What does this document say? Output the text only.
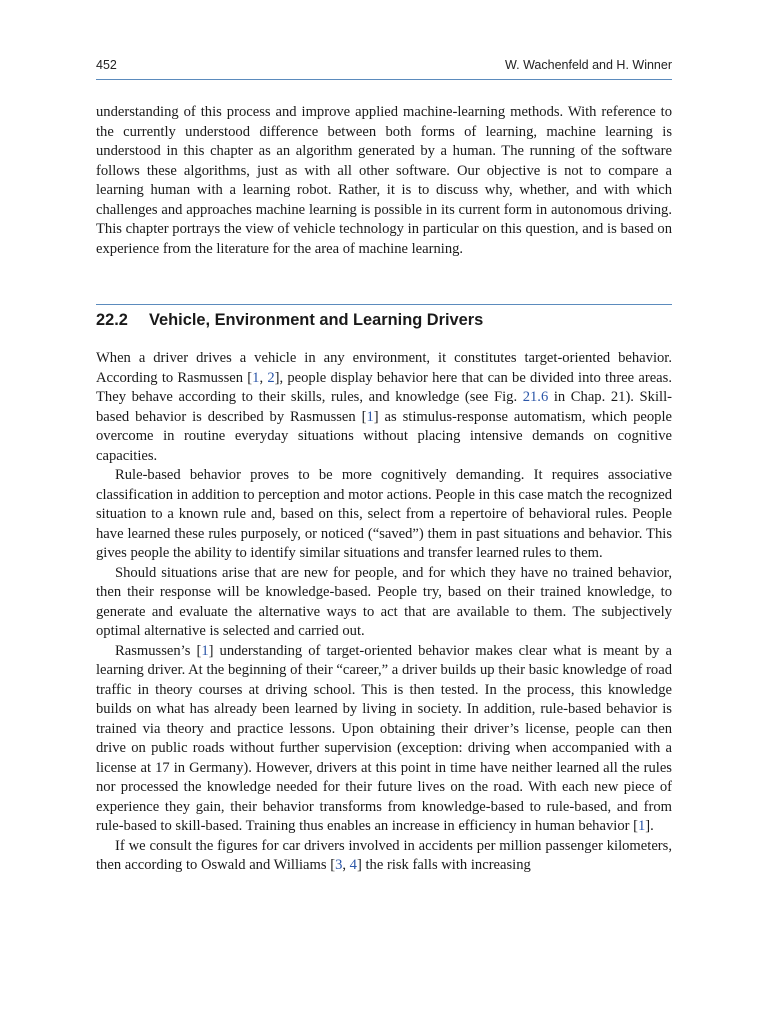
452	W. Wachenfeld and H. Winner

understanding of this process and improve applied machine-learning methods. With reference to the currently understood difference between both forms of learning, machine learning is understood in this chapter as an algorithm generated by a human. The running of the software follows these algorithms, just as with all other software. Our objective is not to compare a learning human with a learning robot. Rather, it is to discuss why, whether, and with which challenges and approaches machine learning is possible in its current form in autonomous driving. This chapter portrays the view of vehicle technology in particular on this question, and is based on experience from the literature for the area of machine learning.

22.2 Vehicle, Environment and Learning Drivers

When a driver drives a vehicle in any environment, it constitutes target-oriented behavior. According to Rasmussen [1, 2], people display behavior here that can be divided into three areas. They behave according to their skills, rules, and knowledge (see Fig. 21.6 in Chap. 21). Skill-based behavior is described by Rasmussen [1] as stimulus-response automatism, which people overcome in routine everyday situations without placing intensive demands on cognitive capacities.

Rule-based behavior proves to be more cognitively demanding. It requires associative classification in addition to perception and motor actions. People in this case match the recognized situation to a known rule and, based on this, select from a repertoire of behavioral rules. People have learned these rules purposely, or noticed (“saved”) them in past situations and behavior. This gives people the ability to identify similar situations and transfer learned rules to them.

Should situations arise that are new for people, and for which they have no trained behavior, then their response will be knowledge-based. People try, based on their trained knowledge, to generate and evaluate the alternative ways to act that are available to them. The subjectively optimal alternative is selected and carried out.

Rasmussen’s [1] understanding of target-oriented behavior makes clear what is meant by a learning driver. At the beginning of their “career,” a driver builds up their basic knowledge of road traffic in theory courses at driving school. This is then tested. In the process, this knowledge builds on what has already been learned by living in society. In addition, rule-based behavior is trained via theory and practice lessons. Upon obtaining their driver’s license, people can then drive on public roads without further supervision (exception: driving when accompanied with a license at 17 in Germany). However, drivers at this point in time have neither learned all the rules nor processed the knowledge needed for their future lives on the road. With each new piece of experience they gain, their behavior transforms from knowledge-based to rule-based, and from rule-based to skill-based. Training thus enables an increase in efficiency in human behavior [1].

If we consult the figures for car drivers involved in accidents per million passenger kilometers, then according to Oswald and Williams [3, 4] the risk falls with increasing
